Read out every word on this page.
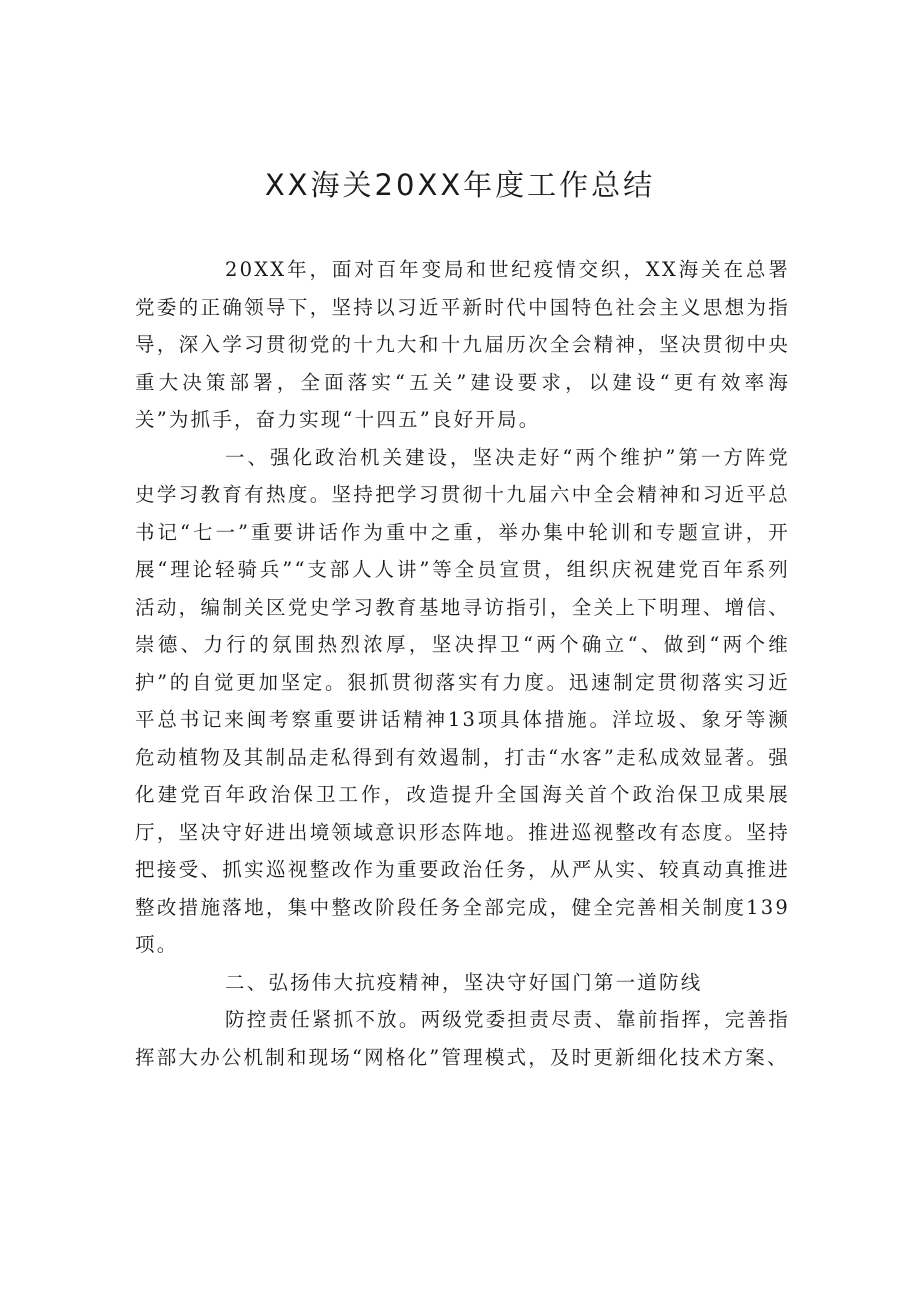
XX海关20XX年度工作总结

20XX年，面对百年变局和世纪疫情交织，XX海关在总署党委的正确领导下，坚持以习近平新时代中国特色社会主义思想为指导，深入学习贯彻党的十九大和十九届历次全会精神，坚决贯彻中央重大决策部署，全面落实“五关”建设要求，以建设“更有效率海关”为抓手，奋力实现“十四五”良好开局。

一、强化政治机关建设，坚决走好“两个维护”第一方阵党史学习教育有热度。坚持把学习贯彻十九届六中全会精神和习近平总书记“七一”重要讲话作为重中之重，举办集中轮训和专题宣讲，开展“理论轻骑兵”“支部人人讲”等全员宣贯，组织庆祝建党百年系列活动，编制关区党史学习教育基地寻访指引，全关上下明理、增信、崇德、力行的氛围热烈浓厚，坚决捍卫“两个确立“、做到“两个维护”的自觉更加坚定。狠抓贯彻落实有力度。迅速制定贯彻落实习近平总书记来闽考察重要讲话精神13项具体措施。洋垃圾、象牙等濒危动植物及其制品走私得到有效遏制，打击“水客”走私成效显著。强化建党百年政治保卫工作，改造提升全国海关首个政治保卫成果展厅，坚决守好进出境领域意识形态阵地。推进巡视整改有态度。坚持把接受、抓实巡视整改作为重要政治任务，从严从实、较真动真推进整改措施落地，集中整改阶段任务全部完成，健全完善相关制度139项。

二、弘扬伟大抗疫精神，坚决守好国门第一道防线

防控责任紧抓不放。两级党委担责尽责、靠前指挥，完善指挥部大办公机制和现场“网格化”管理模式，及时更新细化技术方案、
